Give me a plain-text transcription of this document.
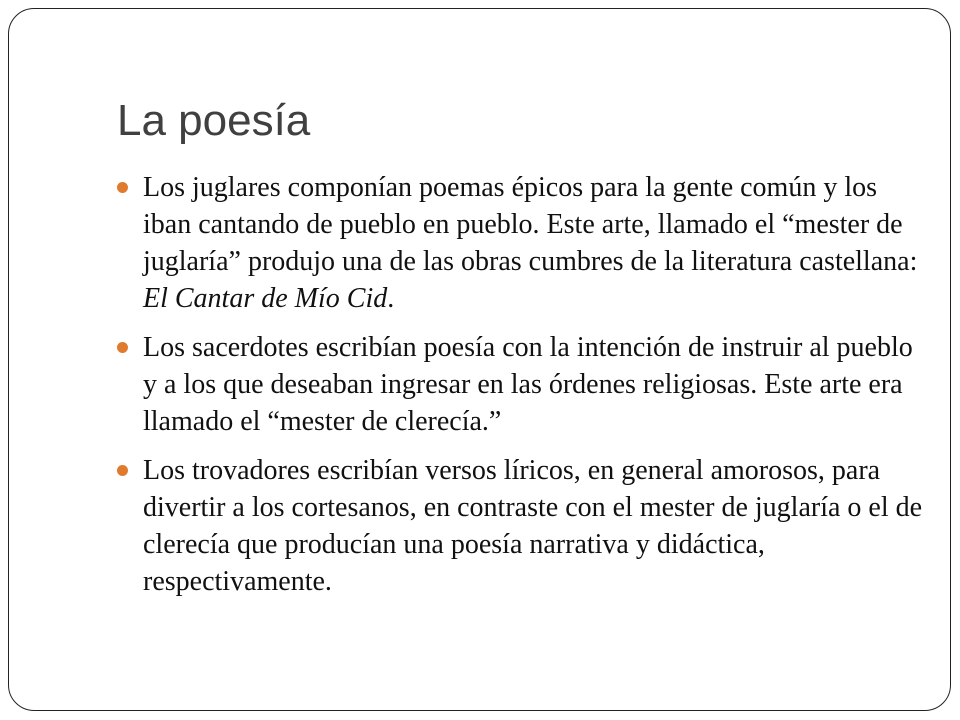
La poesía
Los juglares componían poemas épicos para la gente común y los iban cantando de pueblo en pueblo. Este arte, llamado el “mester de juglaría” produjo una de las obras cumbres de la literatura castellana: El Cantar de Mío Cid.
Los sacerdotes escribían poesía con la intención de instruir al pueblo y a los que deseaban ingresar en las órdenes religiosas. Este arte era llamado el “mester de clerecía.”
Los trovadores escribían versos líricos, en general amorosos, para divertir a los cortesanos, en contraste con el mester de juglaría o el de clerecía que producían una poesía narrativa y didáctica, respectivamente.
